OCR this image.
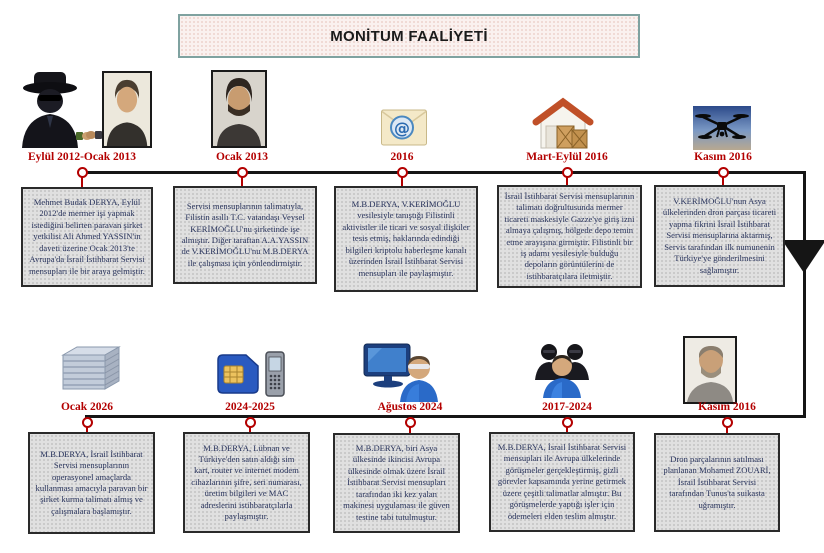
MONİTUM FAALİYETİ
@
Eylül 2012-Ocak 2013	Ocak 2013	2016	Mart-Eylül 2016	Kasım 2016
Mehmet Budak DERYA, Eylül 2012'de mermer işi yapmak istediğini belirten paravan şirket yetkilisi Ali Ahmed YASSIN'in daveti üzerine Ocak 2013'te Avrupa'da İsrail İstihbarat Servisi mensupları ile bir araya gelmiştir.
Servisi mensuplarının talimatıyla, Filistin asıllı T.C. vatandaşı Veysel KERİMOĞLU'nu şirketinde işe almıştır. Diğer taraftan A.A.YASSIN de V.KERİMOĞLU'nu M.B.DERYA ile çalışması için yönlendirmiştir.
M.B.DERYA, V.KERİMOĞLU vesilesiyle tanıştığı Filistinli aktivistler ile ticari ve sosyal ilişkiler tesis etmiş, haklarında edindiği bilgileri kriptolu haberleşme kanalı üzerinden İsrail İstihbarat Servisi mensupları ile paylaşmıştır.
İsrail İstihbarat Servisi mensuplarının talimatı doğrultusunda mermer ticareti maskesiyle Gazze'ye giriş izni almaya çalışmış, bölgede depo temin etme arayışına girmiştir. Filistinli bir iş adamı vesilesiyle bulduğu depoların görüntülerini de istihbaratçılara iletmiştir.
V.KERİMOĞLU'nun Asya ülkelerinden dron parçası ticareti yapma fikrini İsrail İstihbarat Servisi mensuplarına aktarmış, Servis tarafından ilk numunenin Türkiye'ye gönderilmesini sağlamıştır.
Ocak 2026	2024-2025	Ağustos 2024	2017-2024	Kasım 2016
M.B.DERYA, İsrail İstihbarat Servisi mensuplarının operasyonel amaçlarda kullanması amacıyla paravan bir şirket kurma talimatı almış ve çalışmalara başlamıştır.
M.B.DERYA, Lübnan ve Türkiye'den satın aldığı sim kart, router ve internet modem cihazlarının şifre, seri numarası, üretim bilgileri ve MAC adreslerini istihbaratçılarla paylaşmıştır.
M.B.DERYA, biri Asya ülkesinde ikincisi Avrupa ülkesinde olmak üzere İsrail İstihbarat Servisi mensupları tarafından iki kez yalan makinesi uygulaması ile güven testine tabi tutulmuştur.
M.B.DERYA, İsrail İstihbarat Servisi mensupları ile Avrupa ülkelerinde görüşmeler gerçekleştirmiş, gizli görevler kapsamında yerine getirmek üzere çeşitli talimatlar almıştır. Bu görüşmelerde yaptığı işler için ödemeleri elden teslim almıştır.
Dron parçalarının satılması planlanan Mohamed ZOUARİ, İsrail İstihbarat Servisi tarafından Tunus'ta suikasta uğramıştır.
